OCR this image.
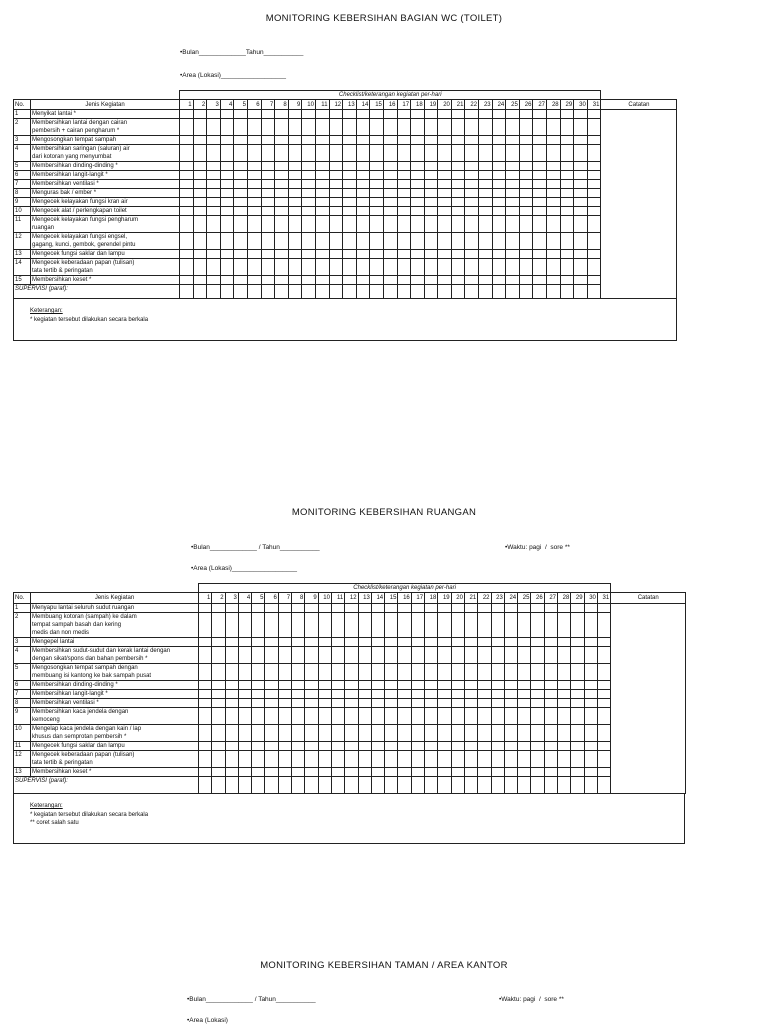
MONITORING KEBERSIHAN BAGIAN WC (TOILET)
•Bulan_____________Tahun___________
•Area (Lokasi)__________________
		Checklist/keterangan kegiatan per-hari																															
No.	Jenis Kegiatan	1	2	3	4	5	6	7	8	9	10	11	12	13	14	15	16	17	18	19	20	21	22	23	24	25	26	27	28	29	30	31	Catatan
1	Menyikat lantai *																																

2	Membersihkan lantai dengan cairan
pembersih + cairan pengharum *																																

3	Mengosongkan tempat sampah																																

4	Membersihkan saringan (saluran) air
dari kotoran yang menyumbat																																

5	Membersihkan dinding-dinding *																																

6	Membersihkan langit-langit *																																

7	Membersihkan ventilasi *																																

8	Menguras bak / ember *																																

9	Mengecek kelayakan fungsi kran air																																

10	Mengecek alat / perlengkapan toilet																																

11	Mengecek kelayakan fungsi pengharum
ruangan																																

12	Mengecek kelayakan fungsi engsel,
gagang, kunci, gembok, gerendel pintu																																

13	Mengecek fungsi saklar dan lampu																																

14	Mengecek keberadaan papan (tulisan)
tata tertib & peringatan																																

15	Membersihkan keset *																																

SUPERVISI (paraf):																																	
MONITORING KEBERSIHAN RUANGAN
•Bulan_____________ / Tahun___________	•Waktu: pagi  /  sore **
•Area (Lokasi)__________________
		Checklist/keterangan kegiatan per-hari																															
No.	Jenis Kegiatan	1	2	3	4	5	6	7	8	9	10	11	12	13	14	15	16	17	18	19	20	21	22	23	24	25	26	27	28	29	30	31	Catatan
1	Menyapu lantai seluruh sudut ruangan																																

2	Membuang kotoran (sampah) ke dalam
tempat sampah basah dan kering
medis dan non medis																																

3	Mengepel lantai																																

4	Membersihkan sudut-sudut dan kerak lantai dengan
dengan sikat/spons dan bahan pembersih *																																

5	Mengosongkan tempat sampah dengan
membuang isi kantong ke bak sampah pusat																																

6	Membersihkan dinding-dinding *																																

7	Membersihkan langit-langit *																																

8	Membersihkan ventilasi *																																

9	Membersihkan kaca jendela dengan
kemoceng																																

10	Mengelap kaca jendela dengan kain / lap
khusus dan semprotan pembersih *																																

11	Mengecek fungsi saklar dan lampu																																

12	Mengecek keberadaan papan (tulisan)
tata tertib & peringatan																																

13	Membersihkan keset *																																

SUPERVISI (paraf):																																	
MONITORING KEBERSIHAN TAMAN / AREA KANTOR
•Bulan_____________ / Tahun___________	•Waktu: pagi  /  sore **
•Area (Lokasi)
Keterangan:
* kegiatan tersebut dilakukan secara berkala
Keterangan:
* kegiatan tersebut dilakukan secara berkala
** coret salah satu
